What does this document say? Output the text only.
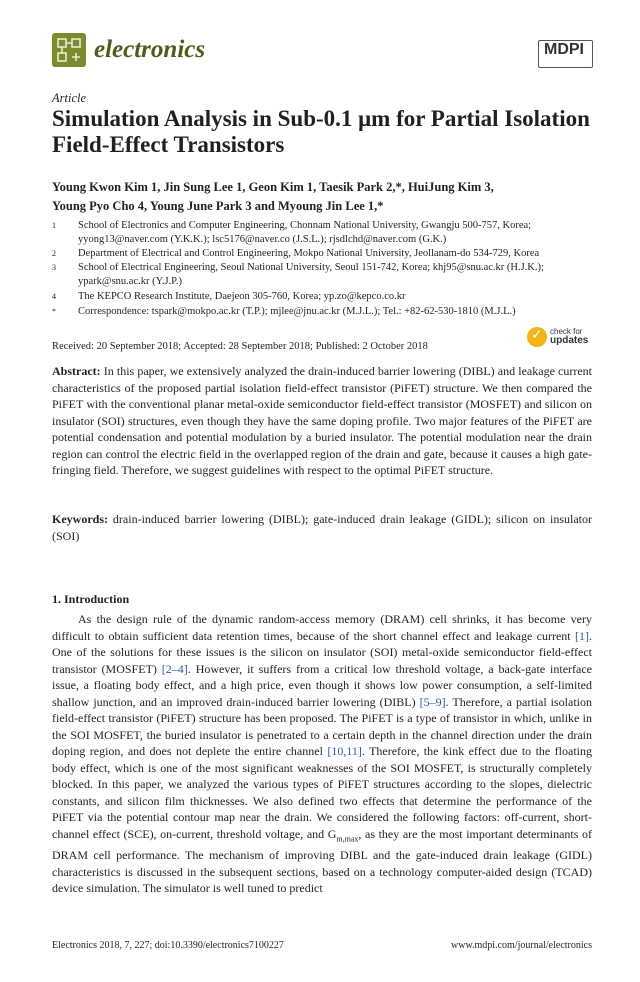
electronics	MDPI
Article
Simulation Analysis in Sub-0.1 μm for Partial Isolation Field-Effect Transistors
Young Kwon Kim 1, Jin Sung Lee 1, Geon Kim 1, Taesik Park 2,*, HuiJung Kim 3,
Young Pyo Cho 4, Young June Park 3 and Myoung Jin Lee 1,*
1 School of Electronics and Computer Engineering, Chonnam National University, Gwangju 500-757, Korea; yyong13@naver.com (Y.K.K.); lsc5176@naver.co (J.S.L.); rjsdlchd@naver.com (G.K.)
2 Department of Electrical and Control Engineering, Mokpo National University, Jeollanam-do 534-729, Korea
3 School of Electrical Engineering, Seoul National University, Seoul 151-742, Korea; khj95@snu.ac.kr (H.J.K.); ypark@snu.ac.kr (Y.J.P.)
4 The KEPCO Research Institute, Daejeon 305-760, Korea; yp.zo@kepco.co.kr
* Correspondence: tspark@mokpo.ac.kr (T.P.); mjlee@jnu.ac.kr (M.J.L.); Tel.: +82-62-530-1810 (M.J.L.)
Received: 20 September 2018; Accepted: 28 September 2018; Published: 2 October 2018
✓ check for
updates
Abstract: In this paper, we extensively analyzed the drain-induced barrier lowering (DIBL) and leakage current characteristics of the proposed partial isolation field-effect transistor (PiFET) structure. We then compared the PiFET with the conventional planar metal-oxide semiconductor field-effect transistor (MOSFET) and silicon on insulator (SOI) structures, even though they have the same doping profile. Two major features of the PiFET are potential condensation and potential modulation by a buried insulator. The potential modulation near the drain region can control the electric field in the overlapped region of the drain and gate, because it causes a high gate-fringing field. Therefore, we suggest guidelines with respect to the optimal PiFET structure.
Keywords: drain-induced barrier lowering (DIBL); gate-induced drain leakage (GIDL); silicon on insulator (SOI)
1. Introduction
As the design rule of the dynamic random-access memory (DRAM) cell shrinks, it has become very difficult to obtain sufficient data retention times, because of the short channel effect and leakage current [1]. One of the solutions for these issues is the silicon on insulator (SOI) metal-oxide semiconductor field-effect transistor (MOSFET) [2–4]. However, it suffers from a critical low threshold voltage, a back-gate interface issue, a floating body effect, and a high price, even though it shows low power consumption, a self-limited shallow junction, and an improved drain-induced barrier lowering (DIBL) [5–9]. Therefore, a partial isolation field-effect transistor (PiFET) structure has been proposed. The PiFET is a type of transistor in which, unlike in the SOI MOSFET, the buried insulator is penetrated to a certain depth in the channel direction under the drain doping region, and does not deplete the entire channel [10,11]. Therefore, the kink effect due to the floating body effect, which is one of the most significant weaknesses of the SOI MOSFET, is structurally completely blocked. In this paper, we analyzed the various types of PiFET structures according to the slopes, dielectric constants, and silicon film thicknesses. We also defined two effects that determine the performance of the PiFET via the potential contour map near the drain. We considered the following factors: off-current, short-channel effect (SCE), on-current, threshold voltage, and $G_{m,max}$, as they are the most important determinants of DRAM cell performance. The mechanism of improving DIBL and the gate-induced drain leakage (GIDL) characteristics is discussed in the subsequent sections, based on a technology computer-aided design (TCAD) device simulation. The simulator is well tuned to predict
Electronics 2018, 7, 227; doi:10.3390/electronics7100227	www.mdpi.com/journal/electronics
